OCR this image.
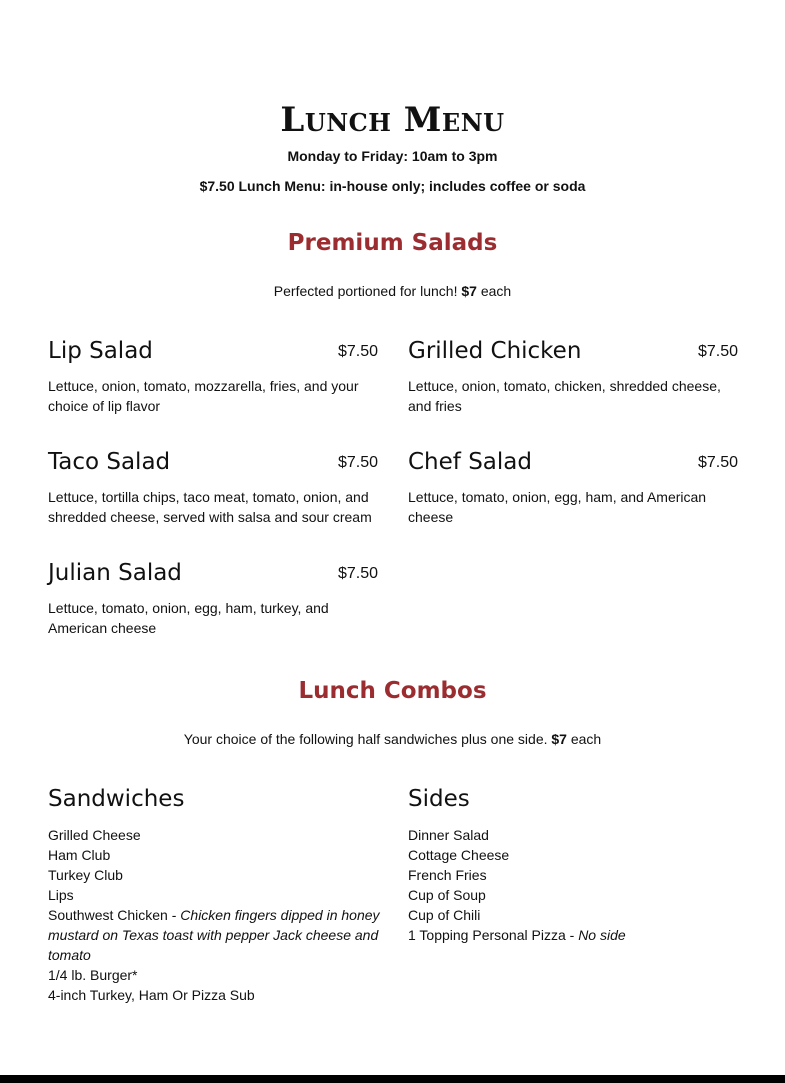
Lunch Menu
Monday to Friday: 10am to 3pm
$7.50 Lunch Menu: in-house only; includes coffee or soda
Premium Salads
Perfected portioned for lunch! $7 each
Lip Salad	$7.50
Lettuce, onion, tomato, mozzarella, fries, and your choice of lip flavor
Grilled Chicken	$7.50
Lettuce, onion, tomato, chicken, shredded cheese, and fries
Taco Salad	$7.50
Lettuce, tortilla chips, taco meat, tomato, onion, and shredded cheese, served with salsa and sour cream
Chef Salad	$7.50
Lettuce, tomato, onion, egg, ham, and American cheese
Julian Salad	$7.50
Lettuce, tomato, onion, egg, ham, turkey, and American cheese
Lunch Combos
Your choice of the following half sandwiches plus one side. $7 each
Sandwiches
Grilled Cheese
Ham Club
Turkey Club
Lips
Southwest Chicken - Chicken fingers dipped in honey mustard on Texas toast with pepper Jack cheese and tomato
1/4 lb. Burger*
4-inch Turkey, Ham Or Pizza Sub
Sides
Dinner Salad
Cottage Cheese
French Fries
Cup of Soup
Cup of Chili
1 Topping Personal Pizza - No side
